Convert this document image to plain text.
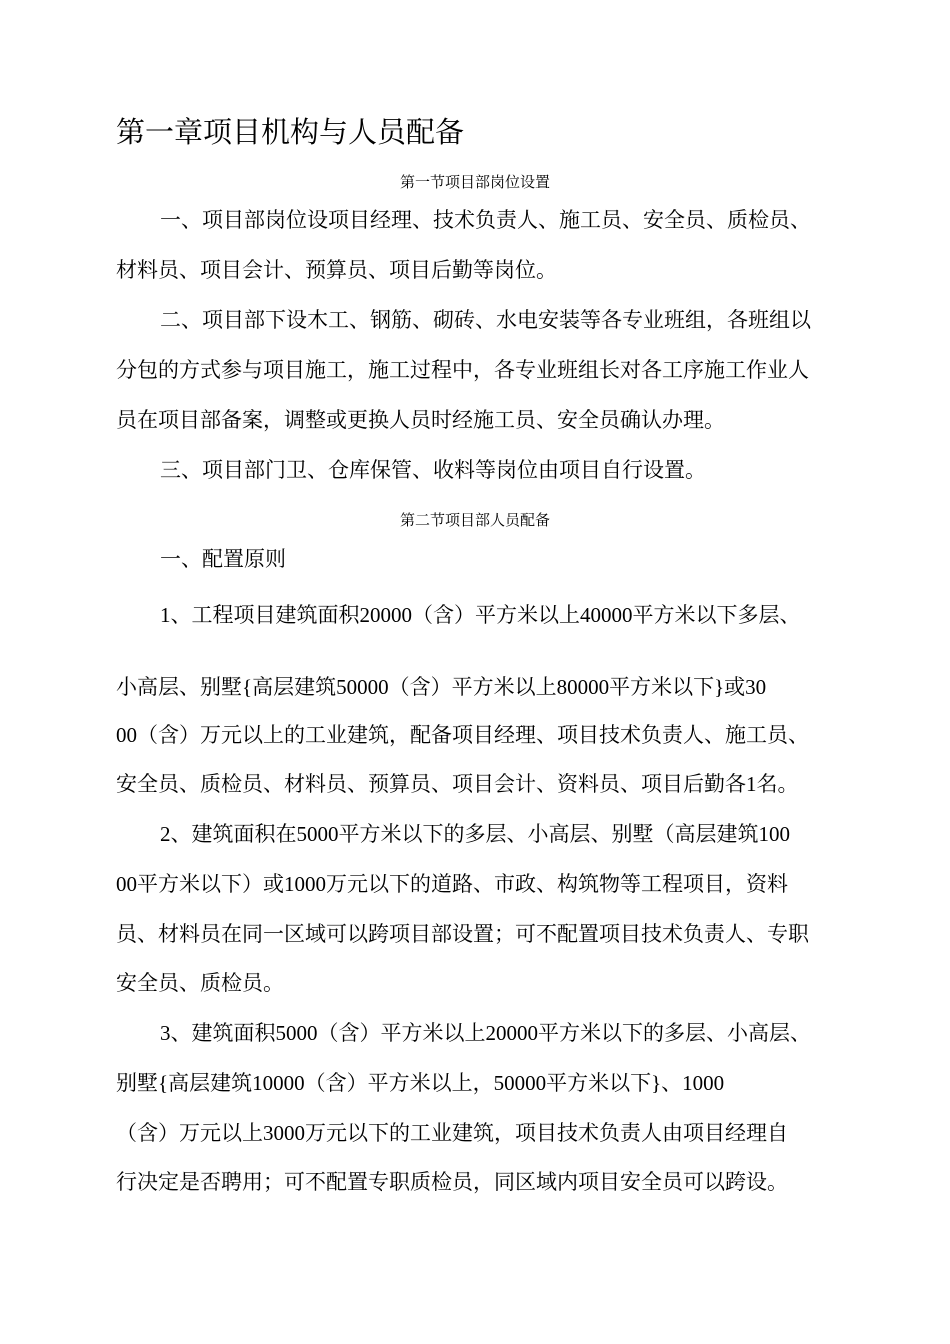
第一章项目机构与人员配备

第一节项目部岗位设置

一、项目部岗位设项目经理、技术负责人、施工员、安全员、质检员、

材料员、项目会计、预算员、项目后勤等岗位。

二、项目部下设木工、钢筋、砌砖、水电安装等各专业班组，各班组以

分包的方式参与项目施工，施工过程中，各专业班组长对各工序施工作业人

员在项目部备案，调整或更换人员时经施工员、安全员确认办理。

三、项目部门卫、仓库保管、收料等岗位由项目自行设置。

第二节项目部人员配备

一、配置原则

1、工程项目建筑面积20000（含）平方米以上40000平方米以下多层、

小高层、别墅{高层建筑50000（含）平方米以上80000平方米以下}或30

00（含）万元以上的工业建筑，配备项目经理、项目技术负责人、施工员、

安全员、质检员、材料员、预算员、项目会计、资料员、项目后勤各1名。

2、建筑面积在5000平方米以下的多层、小高层、别墅（高层建筑100

00平方米以下）或1000万元以下的道路、市政、构筑物等工程项目，资料

员、材料员在同一区域可以跨项目部设置；可不配置项目技术负责人、专职

安全员、质检员。

3、建筑面积5000（含）平方米以上20000平方米以下的多层、小高层、

别墅{高层建筑10000（含）平方米以上，50000平方米以下}、1000

（含）万元以上3000万元以下的工业建筑，项目技术负责人由项目经理自

行决定是否聘用；可不配置专职质检员，同区域内项目安全员可以跨设。
